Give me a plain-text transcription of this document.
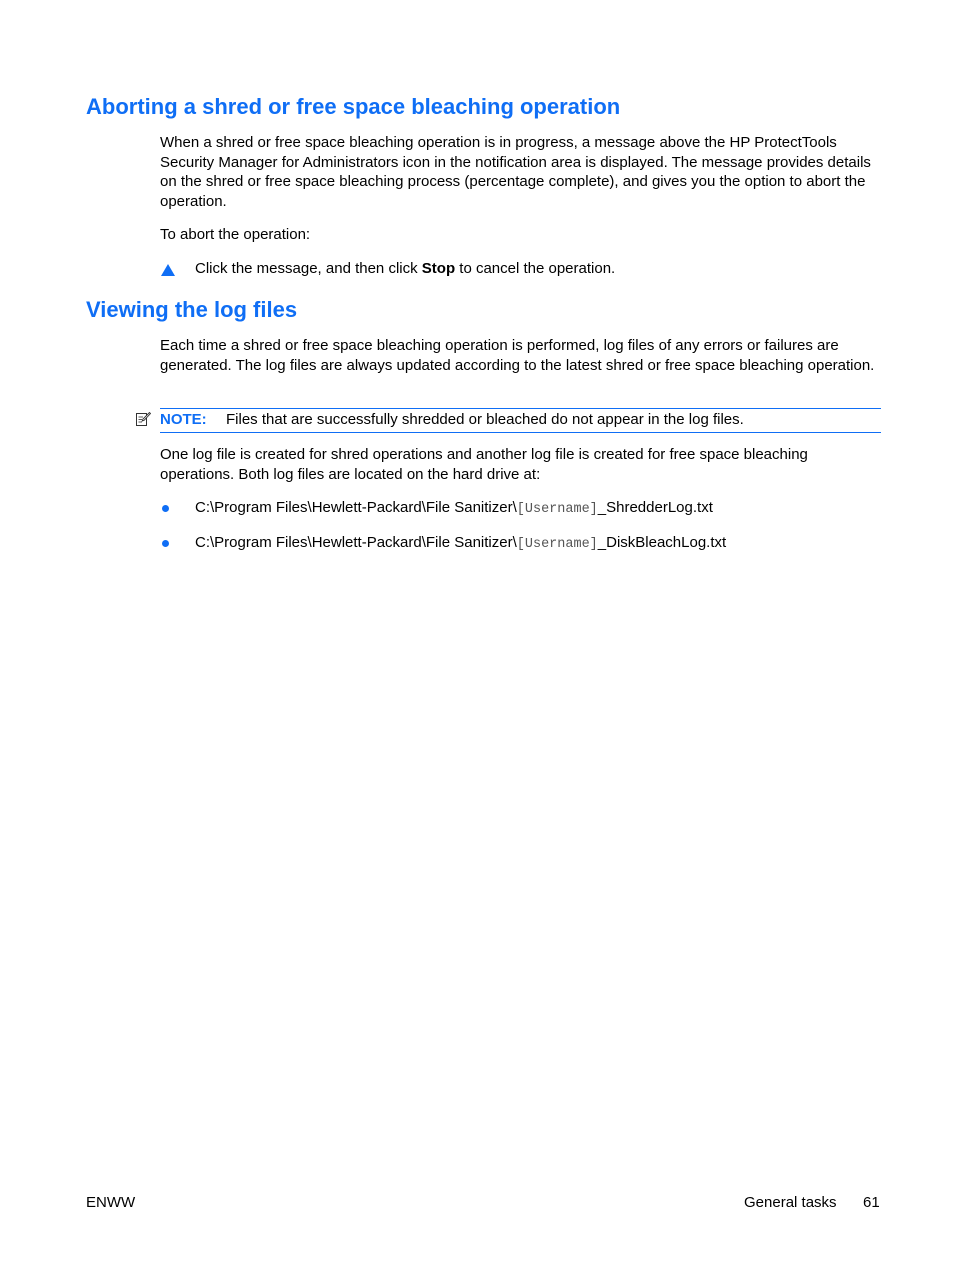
Aborting a shred or free space bleaching operation

When a shred or free space bleaching operation is in progress, a message above the HP ProtectTools Security Manager for Administrators icon in the notification area is displayed. The message provides details on the shred or free space bleaching process (percentage complete), and gives you the option to abort the operation.

To abort the operation:

Click the message, and then click Stop to cancel the operation.
Viewing the log files

Each time a shred or free space bleaching operation is performed, log files of any errors or failures are generated. The log files are always updated according to the latest shred or free space bleaching operation.

NOTE: Files that are successfully shredded or bleached do not appear in the log files.

One log file is created for shred operations and another log file is created for free space bleaching operations. Both log files are located on the hard drive at:

C:\Program Files\Hewlett-Packard\File Sanitizer\[Username]_ShredderLog.txt
C:\Program Files\Hewlett-Packard\File Sanitizer\[Username]_DiskBleachLog.txt
ENWW	General tasks 61
